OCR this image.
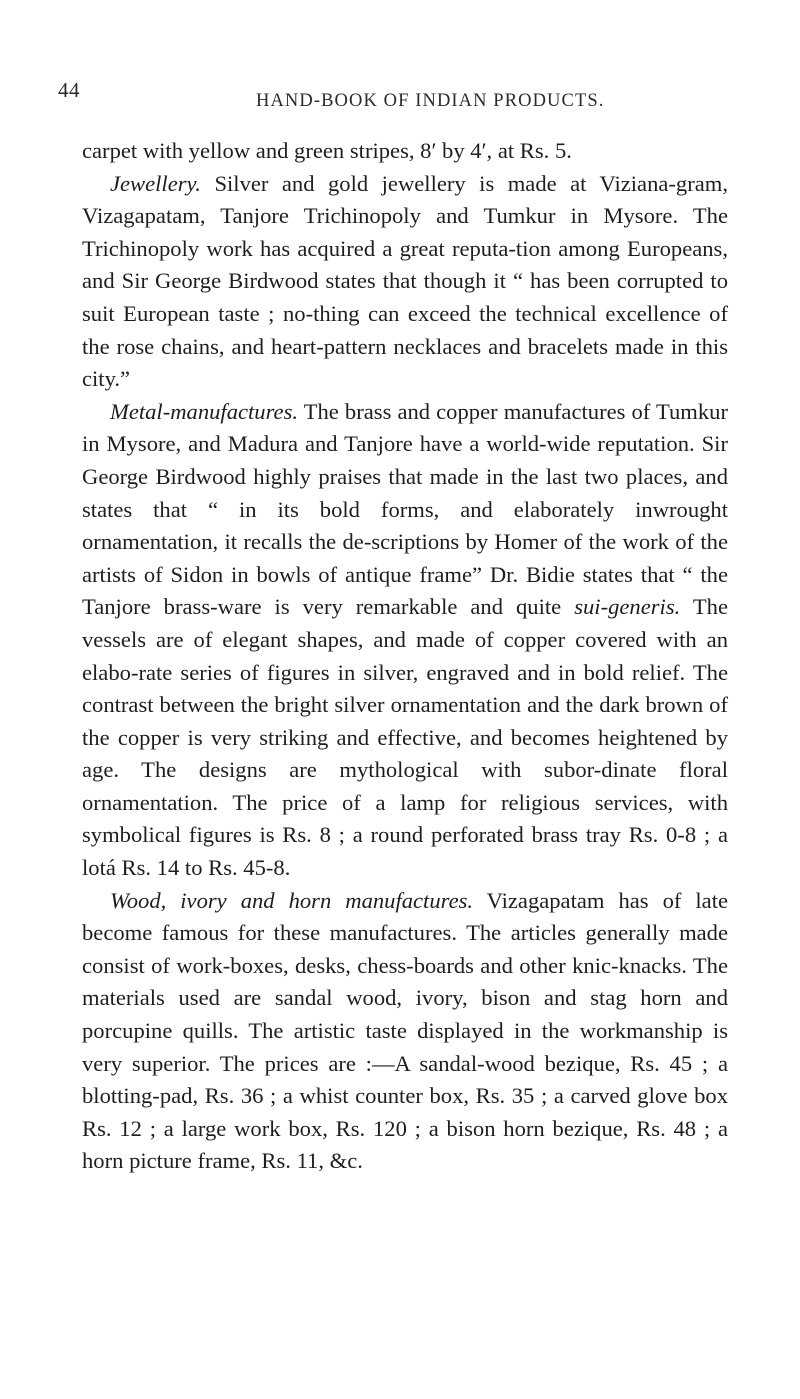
44	HAND-BOOK OF INDIAN PRODUCTS.

carpet with yellow and green stripes, 8′ by 4′, at Rs. 5.

Jewellery. Silver and gold jewellery is made at Viziana-gram, Vizagapatam, Tanjore Trichinopoly and Tumkur in Mysore. The Trichinopoly work has acquired a great reputa-tion among Europeans, and Sir George Birdwood states that though it “ has been corrupted to suit European taste ; no-thing can exceed the technical excellence of the rose chains, and heart-pattern necklaces and bracelets made in this city.”

Metal-manufactures. The brass and copper manufactures of Tumkur in Mysore, and Madura and Tanjore have a world-wide reputation. Sir George Birdwood highly praises that made in the last two places, and states that “ in its bold forms, and elaborately inwrought ornamentation, it recalls the de-scriptions by Homer of the work of the artists of Sidon in bowls of antique frame” Dr. Bidie states that “ the Tanjore brass-ware is very remarkable and quite sui-generis. The vessels are of elegant shapes, and made of copper covered with an elabo-rate series of figures in silver, engraved and in bold relief. The contrast between the bright silver ornamentation and the dark brown of the copper is very striking and effective, and becomes heightened by age. The designs are mythological with subor-dinate floral ornamentation. The price of a lamp for religious services, with symbolical figures is Rs. 8 ; a round perforated brass tray Rs. 0-8 ; a lotá Rs. 14 to Rs. 45-8.

Wood, ivory and horn manufactures. Vizagapatam has of late become famous for these manufactures. The articles generally made consist of work-boxes, desks, chess-boards and other knic-knacks. The materials used are sandal wood, ivory, bison and stag horn and porcupine quills. The artistic taste displayed in the workmanship is very superior. The prices are :—A sandal-wood bezique, Rs. 45 ; a blotting-pad, Rs. 36 ; a whist counter box, Rs. 35 ; a carved glove box Rs. 12 ; a large work box, Rs. 120 ; a bison horn bezique, Rs. 48 ; a horn picture frame, Rs. 11, &c.
